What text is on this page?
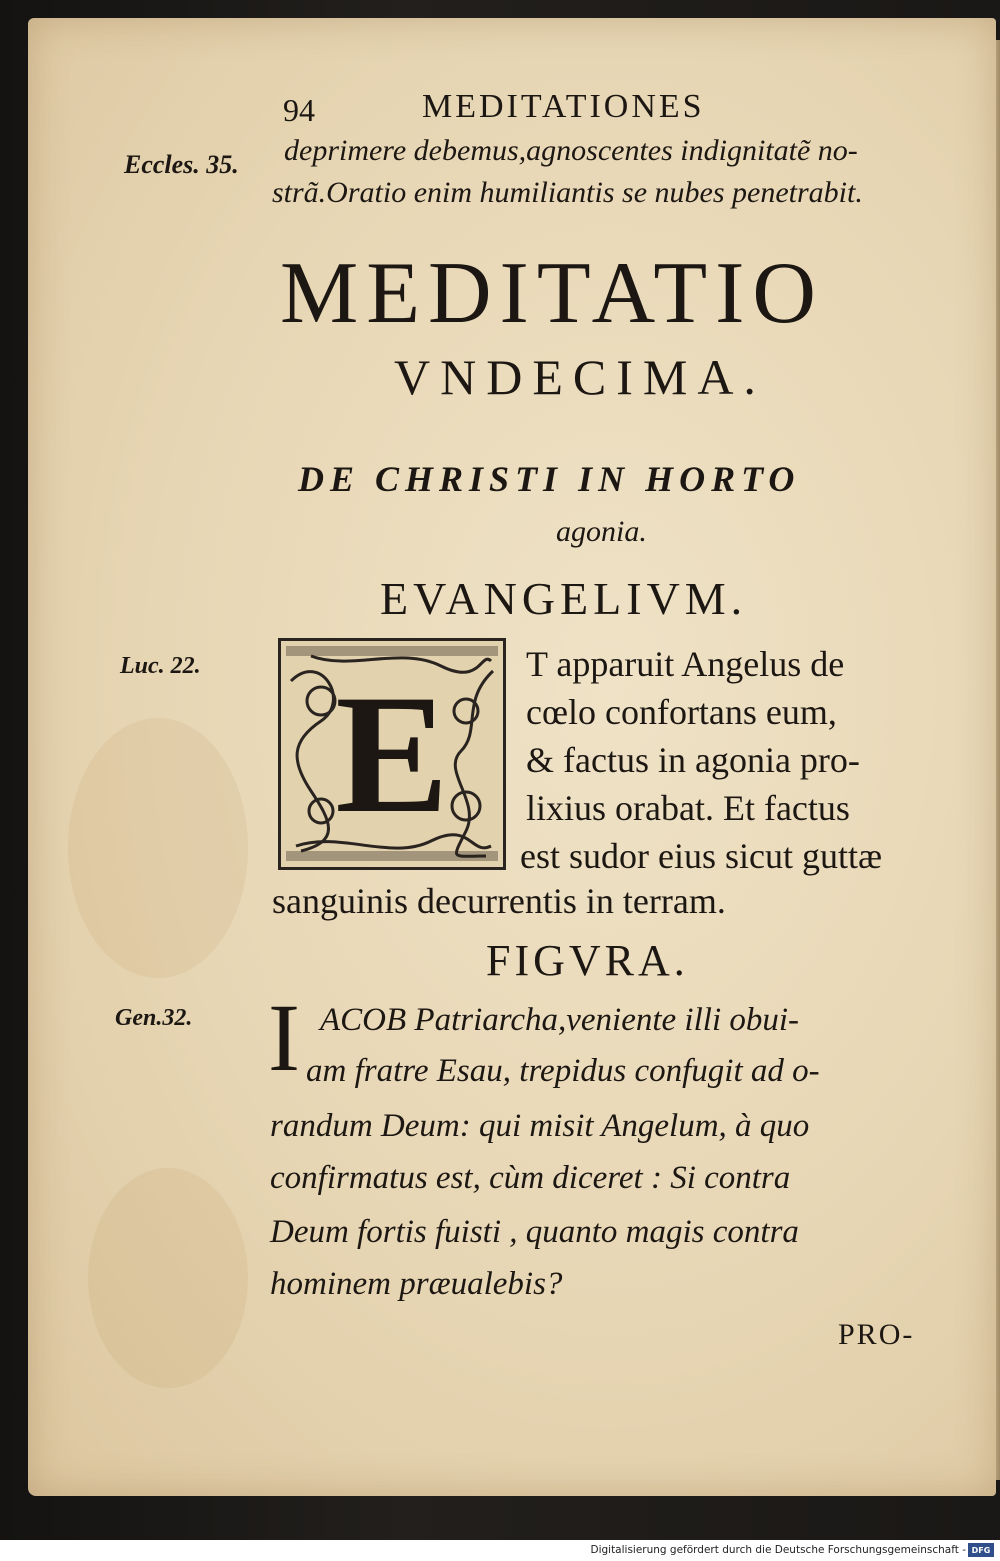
94	MEDITATIONES
Eccles. 35.
Luc. 22.
Gen.32.
deprimere debemus,agnoscentes indignitatẽ no-
strã.Oratio enim humiliantis se nubes penetrabit.
MEDITATIO
VNDECIMA.
DE CHRISTI IN HORTO
agonia.
EVANGELIVM.
E	T apparuit Angelus de
cœlo confortans eum,
& factus in agonia pro-
lixius orabat. Et factus
est sudor eius sicut guttæ
sanguinis decurrentis in terram.
FIGVRA.
I ACOB Patriarcha,veniente illi obui-
am fratre Esau, trepidus confugit ad o-
randum Deum: qui misit Angelum, à quo
confirmatus est, cùm diceret : Si contra
Deum fortis fuisti , quanto magis contra
hominem præualebis?
PRO-
Digitalisierung gefördert durch die Deutsche Forschungsgemeinschaft - DFG
